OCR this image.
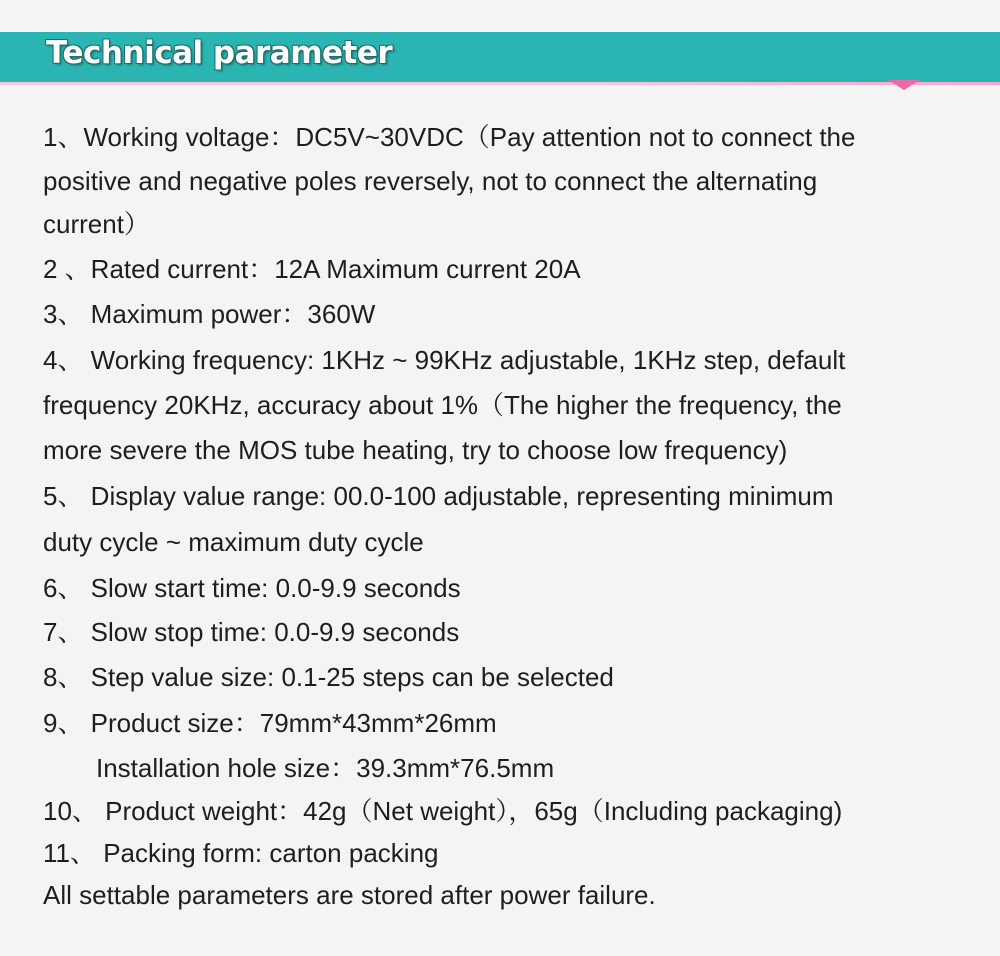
Technical parameter
1、Working voltage：DC5V~30VDC（Pay attention not to connect the
positive and negative poles reversely, not to connect the alternating
current）
2 、Rated current：12A Maximum current 20A
3、 Maximum power：360W
4、 Working frequency: 1KHz ~ 99KHz adjustable, 1KHz step, default
frequency 20KHz, accuracy about 1%（The higher the frequency, the
more severe the MOS tube heating, try to choose low frequency)
5、 Display value range: 00.0-100 adjustable, representing minimum
duty cycle ~ maximum duty cycle
6、 Slow start time: 0.0-9.9 seconds
7、 Slow stop time: 0.0-9.9 seconds
8、 Step value size: 0.1-25 steps can be selected
9、 Product size：79mm*43mm*26mm
Installation hole size：39.3mm*76.5mm
10、 Product weight：42g（Net weight），65g（Including packaging)
11、 Packing form: carton packing
All settable parameters are stored after power failure.
